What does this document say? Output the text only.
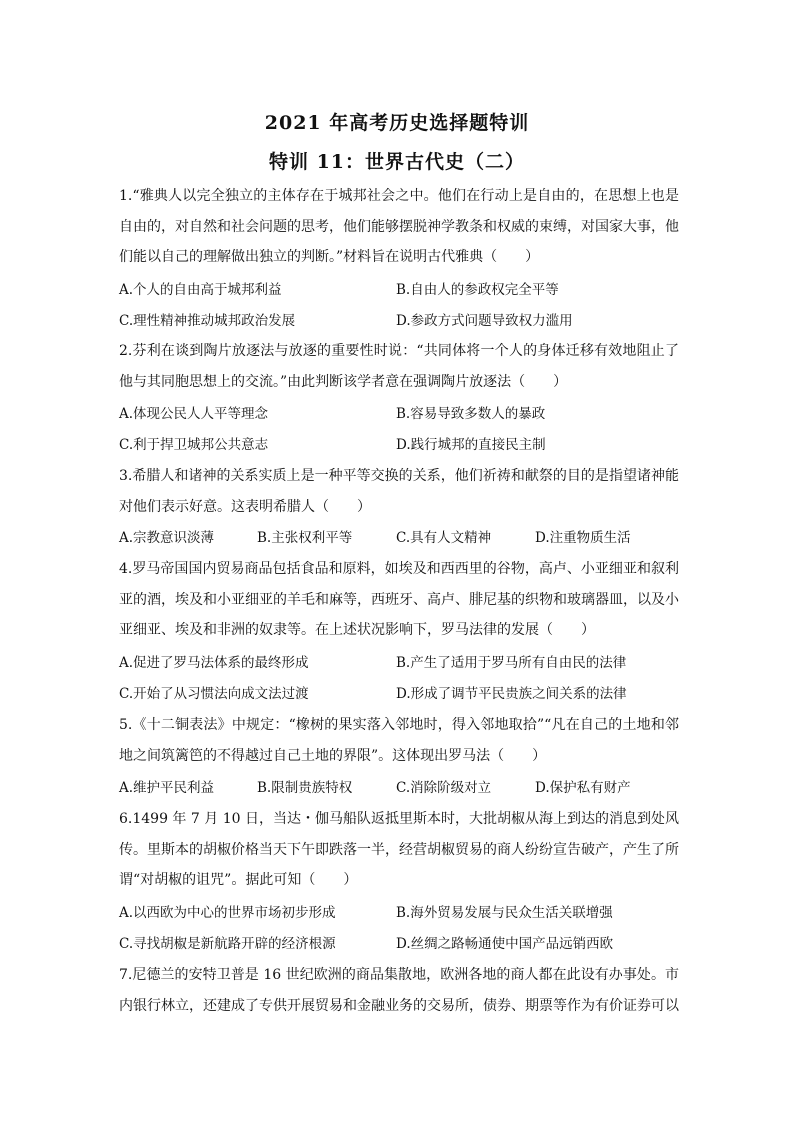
2021 年高考历史选择题特训
特训 11：世界古代史（二）
1.“雅典人以完全独立的主体存在于城邦社会之中。他们在行动上是自由的，在思想上也是自由的，对自然和社会问题的思考，他们能够摆脱神学教条和权威的束缚，对国家大事，他们能以自己的理解做出独立的判断。”材料旨在说明古代雅典（　　）
A.个人的自由高于城邦利益	B.自由人的参政权完全平等
C.理性精神推动城邦政治发展	D.参政方式问题导致权力滥用
2.芬利在谈到陶片放逐法与放逐的重要性时说：“共同体将一个人的身体迁移有效地阻止了他与其同胞思想上的交流。”由此判断该学者意在强调陶片放逐法（　　）
A.体现公民人人平等理念	B.容易导致多数人的暴政
C.利于捍卫城邦公共意志	D.践行城邦的直接民主制
3.希腊人和诸神的关系实质上是一种平等交换的关系，他们祈祷和献祭的目的是指望诸神能对他们表示好意。这表明希腊人（　　）
A.宗教意识淡薄	B.主张权利平等	C.具有人文精神	D.注重物质生活
4.罗马帝国国内贸易商品包括食品和原料，如埃及和西西里的谷物，高卢、小亚细亚和叙利亚的酒，埃及和小亚细亚的羊毛和麻等，西班牙、高卢、腓尼基的织物和玻璃器皿，以及小亚细亚、埃及和非洲的奴隶等。在上述状况影响下，罗马法律的发展（　　）
A.促进了罗马法体系的最终形成	B.产生了适用于罗马所有自由民的法律
C.开始了从习惯法向成文法过渡	D.形成了调节平民贵族之间关系的法律
5.《十二铜表法》中规定：“橡树的果实落入邻地时，得入邻地取拾”“凡在自己的土地和邻地之间筑篱笆的不得越过自己土地的界限”。这体现出罗马法（　　）
A.维护平民利益	B.限制贵族特权	C.消除阶级对立	D.保护私有财产
6.1499 年 7 月 10 日，当达・伽马船队返抵里斯本时，大批胡椒从海上到达的消息到处风传。里斯本的胡椒价格当天下午即跌落一半，经营胡椒贸易的商人纷纷宣告破产，产生了所谓“对胡椒的诅咒”。据此可知（　　）
A.以西欧为中心的世界市场初步形成	B.海外贸易发展与民众生活关联增强
C.寻找胡椒是新航路开辟的经济根源	D.丝绸之路畅通使中国产品远销西欧
7.尼德兰的安特卫普是 16 世纪欧洲的商品集散地，欧洲各地的商人都在此设有办事处。市内银行林立，还建成了专供开展贸易和金融业务的交易所，债券、期票等作为有价证券可以
